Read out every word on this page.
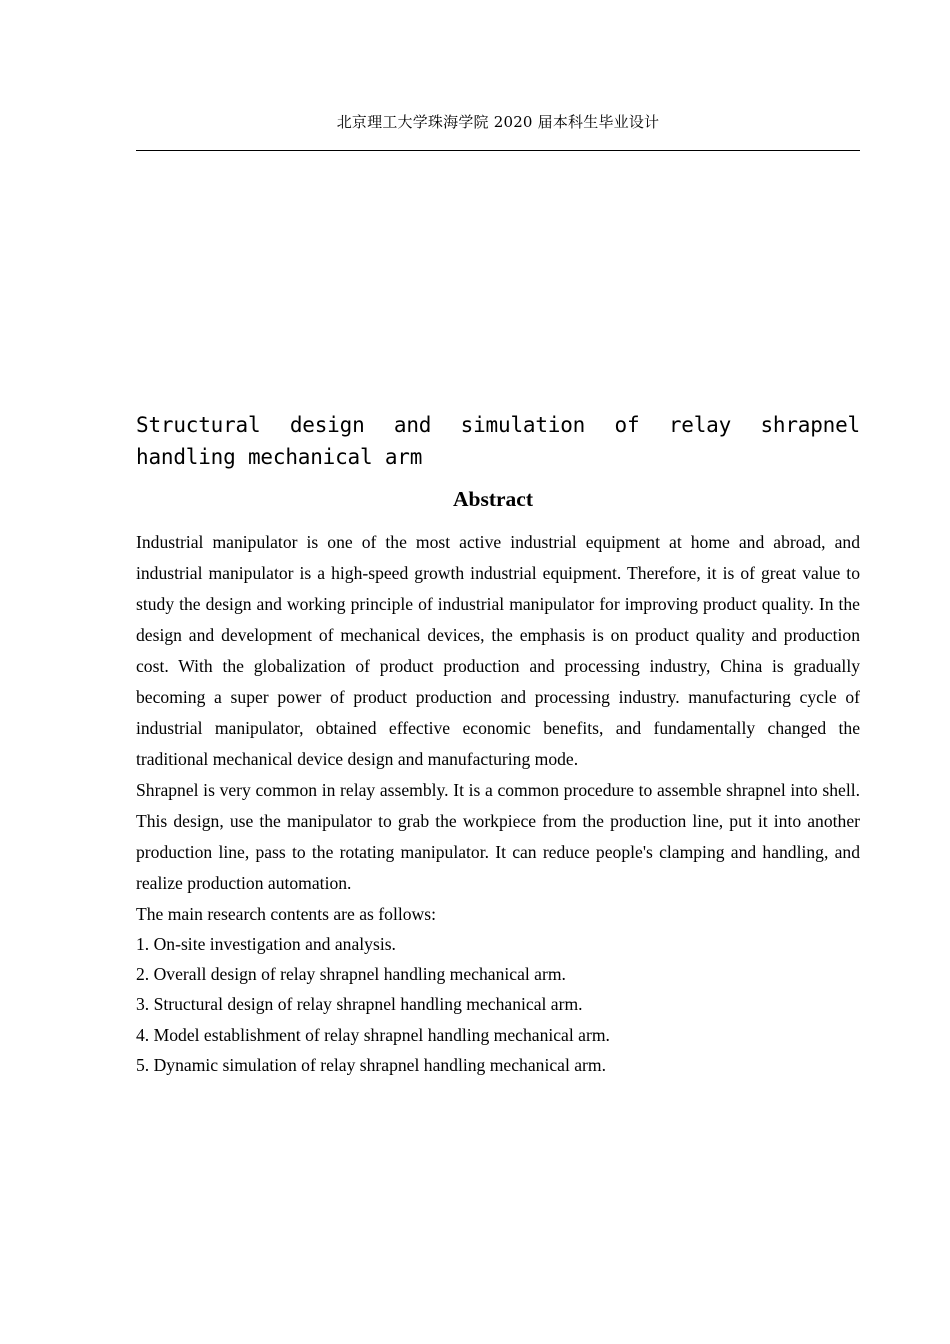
北京理工大学珠海学院 2020 届本科生毕业设计
Structural design and simulation of relay shrapnel handling mechanical arm
Abstract

Industrial manipulator is one of the most active industrial equipment at home and abroad, and industrial manipulator is a high-speed growth industrial equipment. Therefore, it is of great value to study the design and working principle of industrial manipulator for improving product quality. In the design and development of mechanical devices, the emphasis is on product quality and production cost. With the globalization of product production and processing industry, China is gradually becoming a super power of product production and processing industry. manufacturing cycle of industrial manipulator, obtained effective economic benefits, and fundamentally changed the traditional mechanical device design and manufacturing mode.

Shrapnel is very common in relay assembly. It is a common procedure to assemble shrapnel into shell. This design, use the manipulator to grab the workpiece from the production line, put it into another production line, pass to the rotating manipulator. It can reduce people's clamping and handling, and realize production automation.

The main research contents are as follows:

1. On-site investigation and analysis.
2. Overall design of relay shrapnel handling mechanical arm.
3. Structural design of relay shrapnel handling mechanical arm.
4. Model establishment of relay shrapnel handling mechanical arm.
5. Dynamic simulation of relay shrapnel handling mechanical arm.
